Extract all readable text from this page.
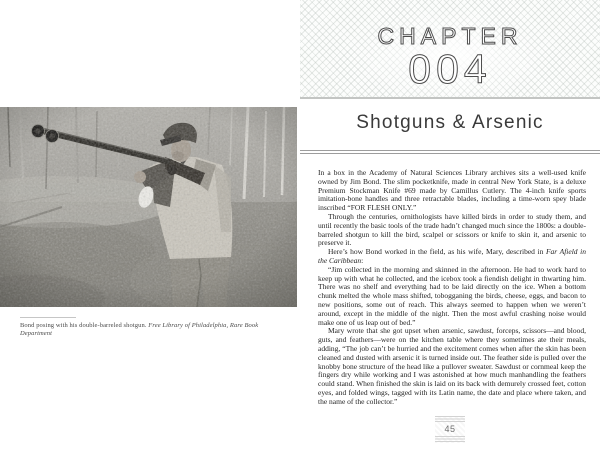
Bond posing with his double-barreled shotgun. Free Library of Philadelphia, Rare Book Department
CHAPTER
004
Shotguns & Arsenic

In a box in the Academy of Natural Sciences Library archives sits a well-used knife owned by Jim Bond. The slim pocketknife, made in central New York State, is a deluxe Premium Stockman Knife #69 made by Camillus Cutlery. The 4-inch knife sports imitation-bone handles and three retractable blades, including a time-worn spey blade inscribed “FOR FLESH ONLY.”

Through the centuries, ornithologists have killed birds in order to study them, and until recently the basic tools of the trade hadn’t changed much since the 1800s: a double-barreled shotgun to kill the bird, scalpel or scissors or knife to skin it, and arsenic to preserve it.

Here’s how Bond worked in the field, as his wife, Mary, described in Far Afield in the Caribbean:

“Jim collected in the morning and skinned in the afternoon. He had to work hard to keep up with what he collected, and the icebox took a fiendish delight in thwarting him. There was no shelf and everything had to be laid directly on the ice. When a bottom chunk melted the whole mass shifted, tobogganing the birds, cheese, eggs, and bacon to new positions, some out of reach. This always seemed to happen when we weren’t around, except in the middle of the night. Then the most awful crashing noise would make one of us leap out of bed.”

Mary wrote that she got upset when arsenic, sawdust, forceps, scissors—and blood, guts, and feathers—were on the kitchen table where they sometimes ate their meals, adding, “The job can’t be hurried and the excitement comes when after the skin has been cleaned and dusted with arsenic it is turned inside out. The feather side is pulled over the knobby bone structure of the head like a pullover sweater. Sawdust or cornmeal keep the fingers dry while working and I was astonished at how much manhandling the feathers could stand. When finished the skin is laid on its back with demurely crossed feet, cotton eyes, and folded wings, tagged with its Latin name, the date and place where taken, and the name of the collector.”

45
